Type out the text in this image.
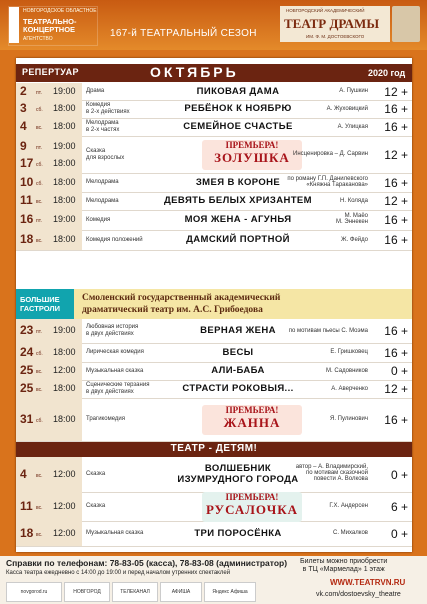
НОВГОРОДСКОЕ ОБЛАСТНОЕ
ТЕАТРАЛЬНО-КОНЦЕРТНОЕ
АГЕНТСТВО	167-й ТЕАТРАЛЬНЫЙ СЕЗОН
НОВГОРОДСКИЙ АКАДЕМИЧЕСКИЙ
ТЕАТР ДРАМЫ
ИМ. Ф. М. ДОСТОЕВСКОГО
РЕПЕРТУАР	ОКТЯБРЬ	2020 год
БОЛЬШИЕ
ГАСТРОЛИ
Смоленский государственный академический
драматический театр им. А.С. Грибоедова
ТЕАТР - ДЕТЯМ!
Справки по телефонам: 78-83-05 (касса), 78-83-08 (администратор)
Касса театра ежедневно с 14:00 до 19:00 и перед началом утренних спектаклей
novgorod.ru	НОВГОРОД	ТЕЛЕКАНАЛ	АФИША	Яндекс Афиша
Билеты можно приобрести
в ТЦ «Мармелад» 1 этаж
WWW.TEATRVN.RU
vk.com/dostoevsky_theatre
2 пт. 19:00 Драма	ПИКОВАЯ ДАМА	А. Пушкин 12 +
3 сб. 18:00 Комедия
в 2-х действиях	РЕБЁНОК К НОЯБРЮ	А. Жуховицкий 16 +
4 вс. 18:00 Мелодрама
в 2-х частях	СЕМЕЙНОЕ СЧАСТЬЕ	А. Улицкая 16 +
9 пт. 19:00
17 сб. 18:00
Сказка
для взрослых
ПРЕМЬЕРА!
ЗОЛУШКА Инсценировка – Д. Сарвин 12 +
10 сб. 18:00 Мелодрама	ЗМЕЯ В КОРОНЕ	по роману Г.П. Данилевского
«Княжна Тараканова» 16 +
11 вс. 18:00 Мелодрама	ДЕВЯТЬ БЕЛЫХ ХРИЗАНТЕМ	Н. Коляда 12 +
16 пт. 19:00 Комедия	МОЯ ЖЕНА - АГУНЬЯ	М. Маёо
М. Эннекен 16 +
18 вс. 18:00 Комедия положений	ДАМСКИЙ ПОРТНОЙ	Ж. Фейдо 16 +
23 пт. 19:00 Любовная история
в двух действиях	ВЕРНАЯ ЖЕНА	по мотивам пьесы С. Моэма 16 +
24 сб. 18:00 Лирическая комедия	ВЕСЫ	Е. Гришковец 16 +
25 вс. 12:00 Музыкальная сказка	АЛИ-БАБА	М. Садовников 0 +
25 вс. 18:00 Сценические терзания
в двух действиях	СТРАСТИ РОКОВЫЯ...	А. Аверченко 12 +
31 сб. 18:00 Трагикомедия
ПРЕМЬЕРА!
ЖАННА	Я. Пулинович 16 +
4 вс. 12:00 Сказка
ВОЛШЕБНИК
ИЗУМРУДНОГО ГОРОДА
автор – А. Владимирский,
по мотивам сказочной
повести А. Волкова 0 +
11 вс. 12:00 Сказка
ПРЕМЬЕРА!
РУСАЛОЧКА	Г.Х. Андерсен 6 +
18 вс. 12:00 Музыкальная сказка	ТРИ ПОРОСЁНКА	С. Михалков 0 +
